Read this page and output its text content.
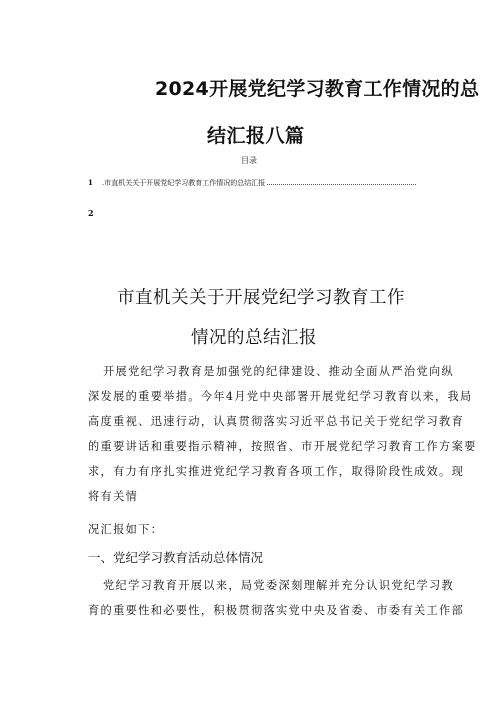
2024开展党纪学习教育工作情况的总
结汇报八篇
目录
1	.市直机关关于开展党纪学习教育工作情况的总结汇报
2
市直机关关于开展党纪学习教育工作
情况的总结汇报
开展党纪学习教育是加强党的纪律建设、推动全面从严治党向纵
深发展的重要举措。今年4月党中央部署开展党纪学习教育以来，我局
高度重视、迅速行动，认真贯彻落实习近平总书记关于党纪学习教育
的重要讲话和重要指示精神，按照省、市开展党纪学习教育工作方案要
求，有力有序扎实推进党纪学习教育各项工作，取得阶段性成效。现
将有关情
况汇报如下：
一、党纪学习教育活动总体情况
党纪学习教育开展以来，局党委深刻理解并充分认识党纪学习教
育的重要性和必要性，积极贯彻落实党中央及省委、市委有关工作部
